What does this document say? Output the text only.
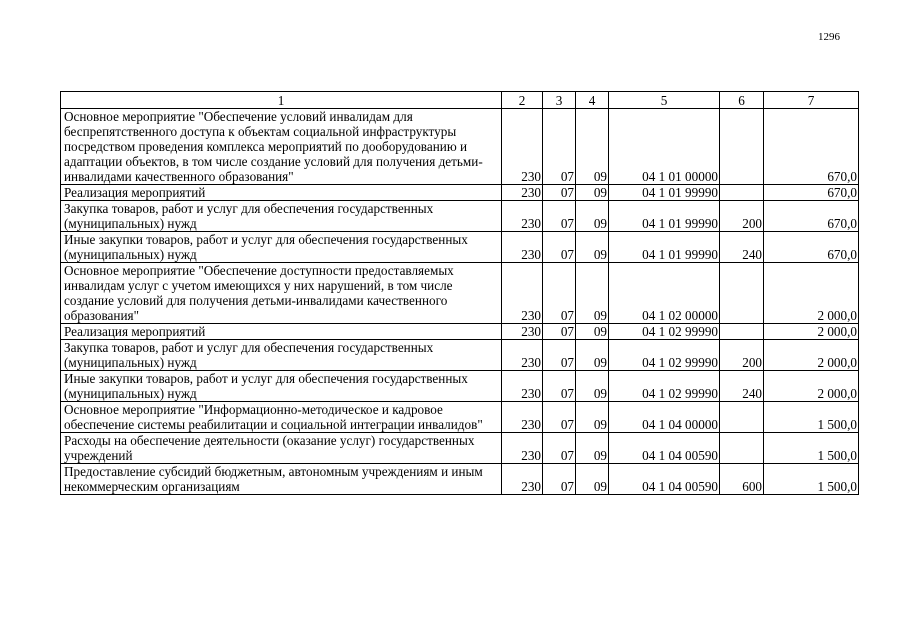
1296
1	2	3	4	5	6	7
Основное мероприятие "Обеспечение условий инвалидам для беспрепятственного доступа к объектам социальной инфраструктуры посредством проведения комплекса мероприятий по дооборудованию и адаптации объектов, в том числе создание условий для получения детьми-инвалидами качественного образования"	230	07	09	04 1 01 00000		670,0
Реализация мероприятий	230	07	09	04 1 01 99990		670,0
Закупка товаров, работ и услуг для обеспечения государственных (муниципальных) нужд	230	07	09	04 1 01 99990	200	670,0
Иные закупки товаров, работ и услуг для обеспечения государственных (муниципальных) нужд	230	07	09	04 1 01 99990	240	670,0
Основное мероприятие "Обеспечение доступности предоставляемых инвалидам услуг с учетом имеющихся у них нарушений, в том числе создание условий для получения детьми-инвалидами качественного образования"	230	07	09	04 1 02 00000		2 000,0
Реализация мероприятий	230	07	09	04 1 02 99990		2 000,0
Закупка товаров, работ и услуг для обеспечения государственных (муниципальных) нужд	230	07	09	04 1 02 99990	200	2 000,0
Иные закупки товаров, работ и услуг для обеспечения государственных (муниципальных) нужд	230	07	09	04 1 02 99990	240	2 000,0
Основное мероприятие "Информационно-методическое и кадровое обеспечение системы реабилитации и социальной интеграции инвалидов"	230	07	09	04 1 04 00000		1 500,0
Расходы на обеспечение деятельности (оказание услуг) государственных учреждений	230	07	09	04 1 04 00590		1 500,0
Предоставление субсидий бюджетным, автономным учреждениям и иным некоммерческим организациям	230	07	09	04 1 04 00590	600	1 500,0
